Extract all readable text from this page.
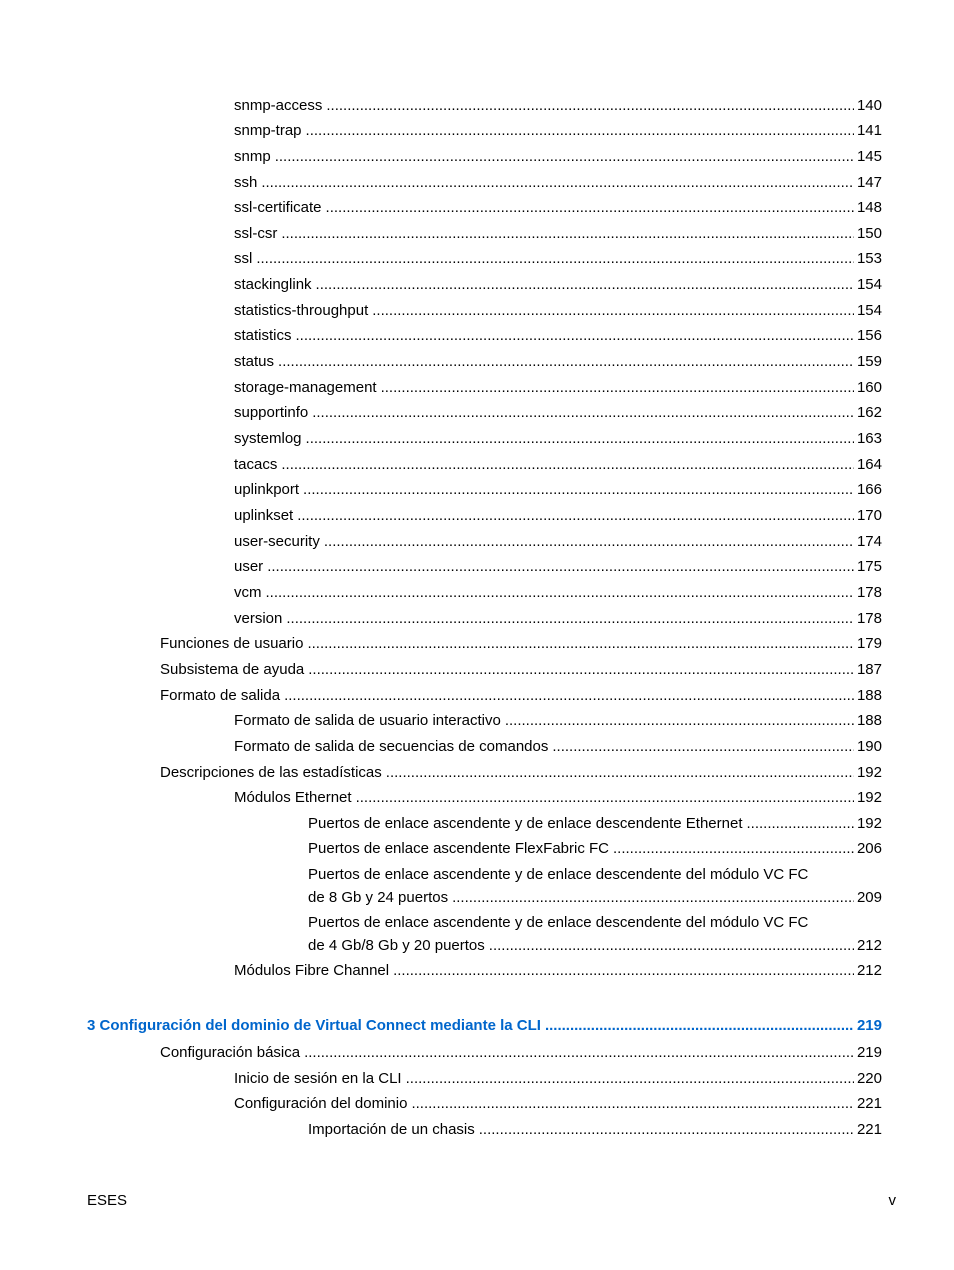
snmp-access .....	140
snmp-trap .....	141
snmp .....	145
ssh .....	147
ssl-certificate .....	148
ssl-csr .....	150
ssl .....	153
stackinglink .....	154
statistics-throughput .....	154
statistics .....	156
status .....	159
storage-management .....	160
supportinfo .....	162
systemlog .....	163
tacacs .....	164
uplinkport .....	166
uplinkset .....	170
user-security .....	174
user .....	175
vcm .....	178
version .....	178
Funciones de usuario .....	179
Subsistema de ayuda .....	187
Formato de salida .....	188
Formato de salida de usuario interactivo .....	188
Formato de salida de secuencias de comandos .....	190
Descripciones de las estadísticas .....	192
Módulos Ethernet .....	192
Puertos de enlace ascendente y de enlace descendente Ethernet .....	192
Puertos de enlace ascendente FlexFabric FC .....	206
Puertos de enlace ascendente y de enlace descendente del módulo VC FC
de 8 Gb y 24 puertos .....	209
Puertos de enlace ascendente y de enlace descendente del módulo VC FC
de 4 Gb/8 Gb y 20 puertos .....	212
Módulos Fibre Channel .....	212
3 Configuración del dominio de Virtual Connect mediante la CLI .....	219
Configuración básica .....	219
Inicio de sesión en la CLI .....	220
Configuración del dominio .....	221
Importación de un chasis .....	221
ESES	v
